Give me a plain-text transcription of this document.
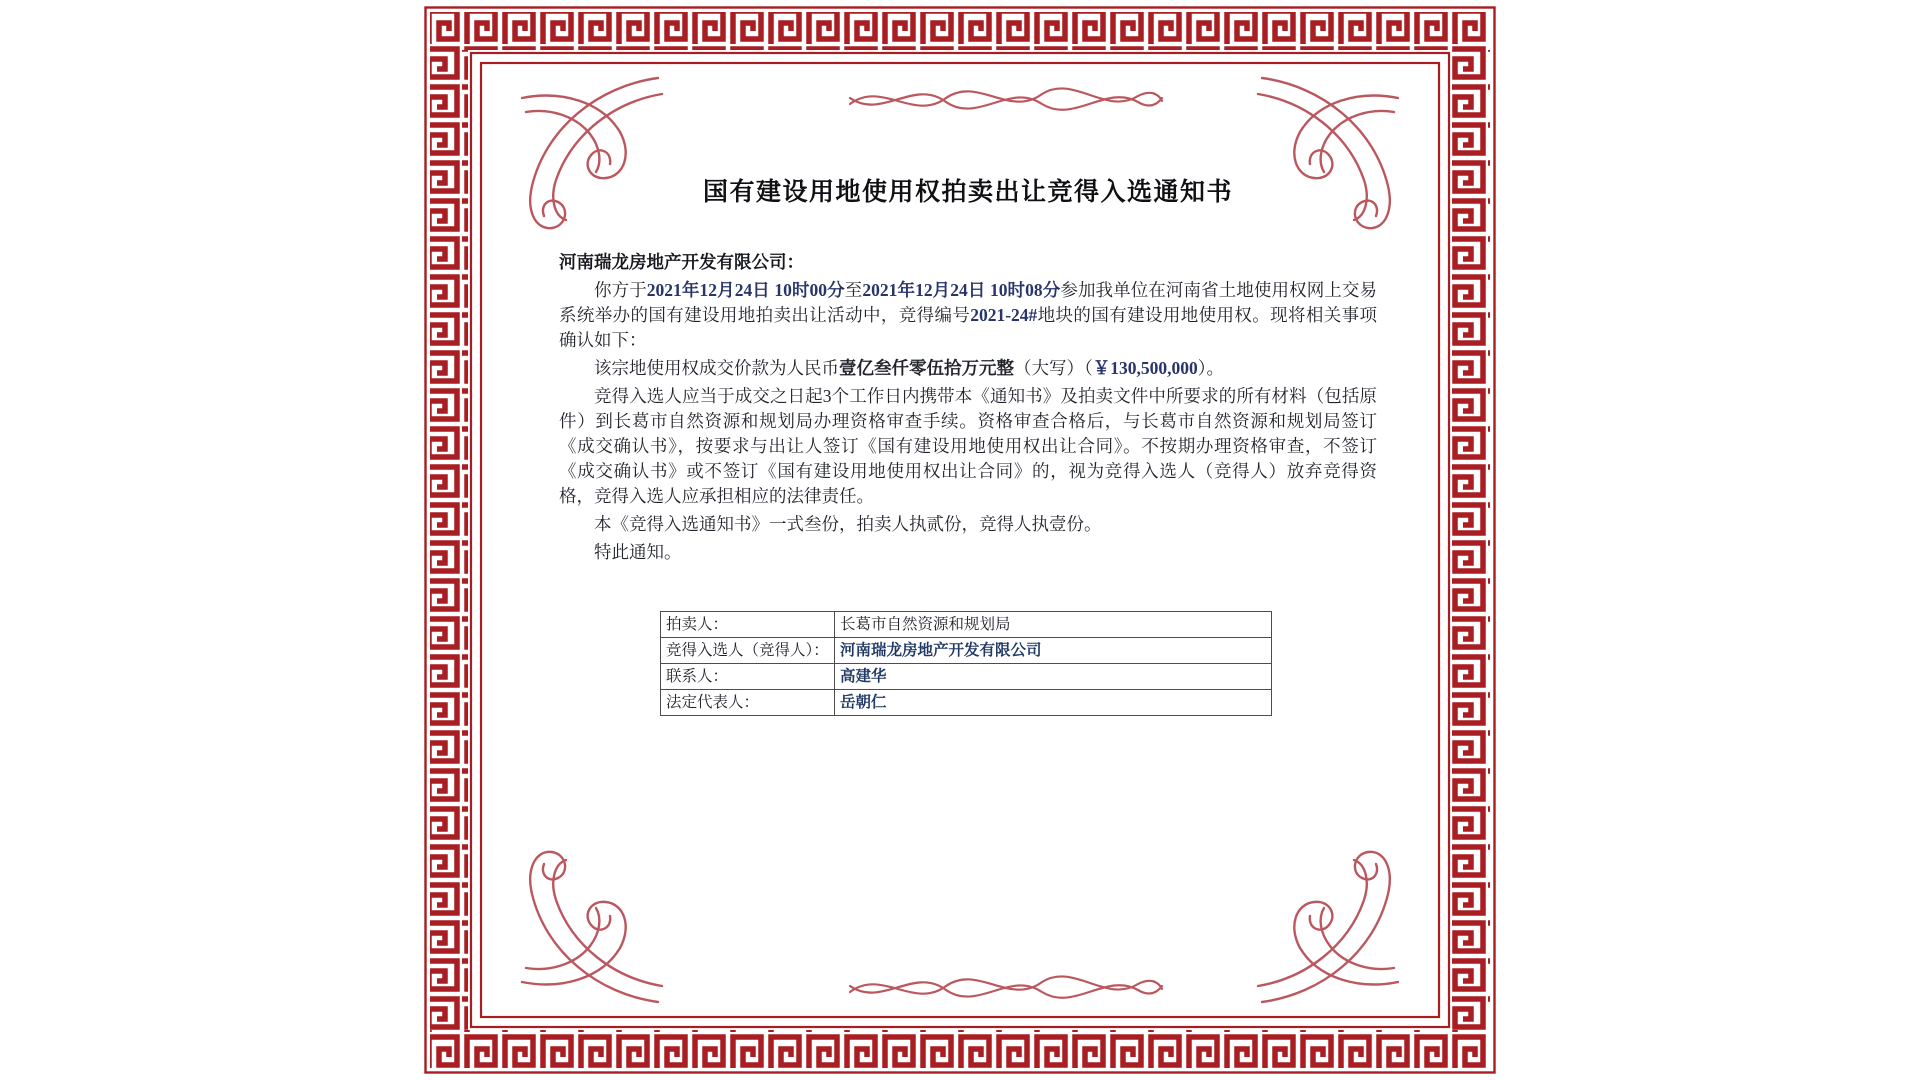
国有建设用地使用权拍卖出让竞得入选通知书

河南瑞龙房地产开发有限公司：

你方于2021年12月24日 10时00分至2021年12月24日 10时08分参加我单位在河南省土地使用权网上交易系统举办的国有建设用地拍卖出让活动中，竞得编号2021-24#地块的国有建设用地使用权。现将相关事项确认如下：

该宗地使用权成交价款为人民币壹亿叁仟零伍拾万元整（大写）（￥130,500,000）。

竞得入选人应当于成交之日起3个工作日内携带本《通知书》及拍卖文件中所要求的所有材料（包括原件）到长葛市自然资源和规划局办理资格审查手续。资格审查合格后，与长葛市自然资源和规划局签订《成交确认书》，按要求与出让人签订《国有建设用地使用权出让合同》。不按期办理资格审查，不签订《成交确认书》或不签订《国有建设用地使用权出让合同》的，视为竞得入选人（竞得人）放弃竞得资格，竞得入选人应承担相应的法律责任。

本《竞得入选通知书》一式叁份，拍卖人执贰份，竞得人执壹份。

特此通知。

拍卖人：	长葛市自然资源和规划局
竞得入选人（竞得人）：	河南瑞龙房地产开发有限公司
联系人：	高建华
法定代表人：	岳朝仁
